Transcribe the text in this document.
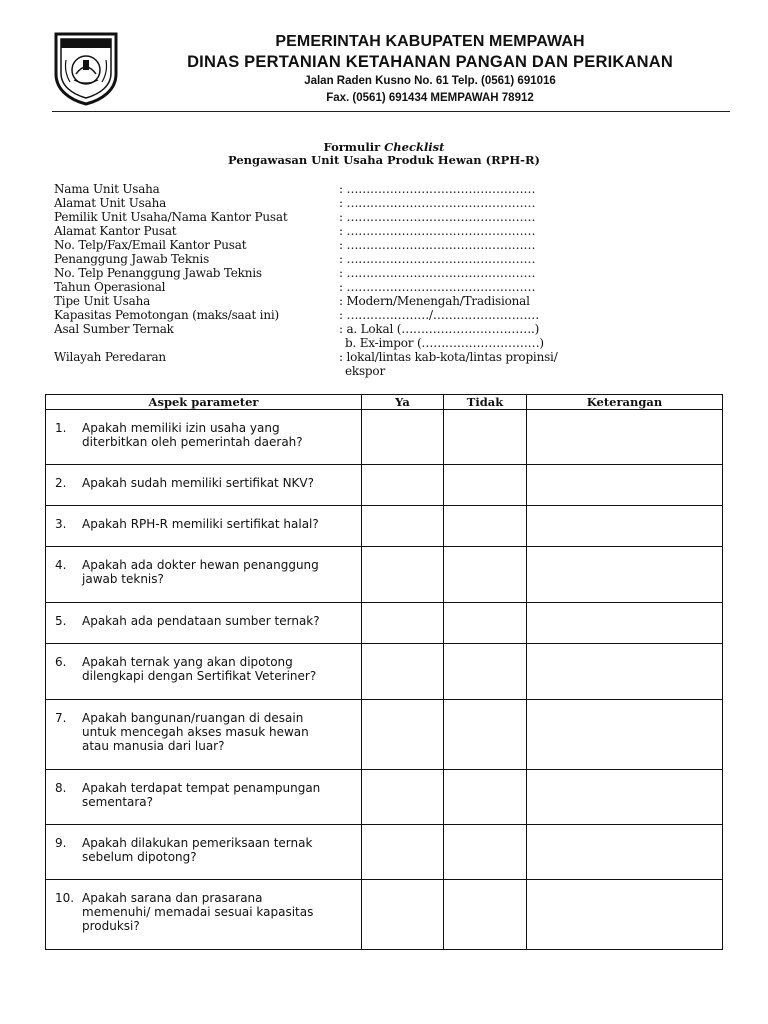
PEMERINTAH KABUPATEN MEMPAWAH
DINAS PERTANIAN KETAHANAN PANGAN DAN PERIKANAN
Jalan Raden Kusno No. 61 Telp. (0561) 691016
Fax. (0561) 691434 MEMPAWAH 78912
Formulir Checklist
Pengawasan Unit Usaha Produk Hewan (RPH-R)
Nama Unit Usaha	: …………………………………………
Alamat Unit Usaha	: …………………………………………
Pemilik Unit Usaha/Nama Kantor Pusat	: …………………………………………
Alamat Kantor Pusat	: …………………………………………
No. Telp/Fax/Email Kantor Pusat	: …………………………………………
Penanggung Jawab Teknis	: …………………………………………
No. Telp Penanggung Jawab Teknis	: …………………………………………
Tahun Operasional	: …………………………………………
Tipe Unit Usaha	: Modern/Menengah/Tradisional
Kapasitas Pemotongan (maks/saat ini)	: …………………/………………………
Asal Sumber Ternak	: a. Lokal (…………………………….)
b. Ex-impor (…………………………)
Wilayah Peredaran	: lokal/lintas kab-kota/lintas propinsi/
ekspor
Aspek parameter	Ya	Tidak	Keterangan

1. Apakah memiliki izin usaha yang
diterbitkan oleh pemerintah daerah?			

2. Apakah sudah memiliki sertifikat NKV?			

3. Apakah RPH-R memiliki sertifikat halal?			

4. Apakah ada dokter hewan penanggung
jawab teknis?			

5. Apakah ada pendataan sumber ternak?			

6. Apakah ternak yang akan dipotong
dilengkapi dengan Sertifikat Veteriner?			

7. Apakah bangunan/ruangan di desain
untuk mencegah akses masuk hewan
atau manusia dari luar?			

8. Apakah terdapat tempat penampungan
sementara?			

9. Apakah dilakukan pemeriksaan ternak
sebelum dipotong?			

10. Apakah sarana dan prasarana
memenuhi/ memadai sesuai kapasitas
produksi?			
